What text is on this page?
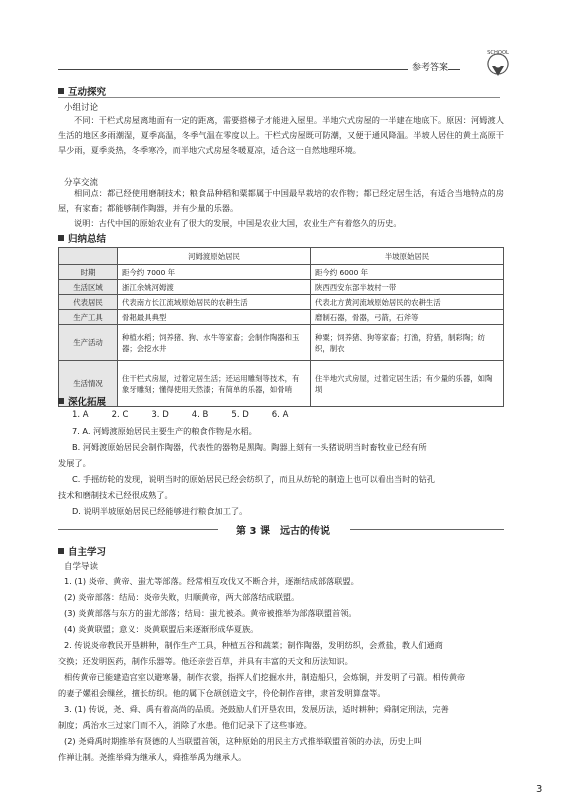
参考答案
SCHOOL
互动探究
小组讨论
不同：干栏式房屋离地面有一定的距离，需要搭梯子才能进入屋里。半地穴式房屋的一半建在地底下。原因：河姆渡人生活的地区多雨潮湿，夏季高温，冬季气温在零度以上。干栏式房屋既可防潮，又便于通风降温。半坡人居住的黄土高原干旱少雨，夏季炎热，冬季寒冷，而半地穴式房屋冬暖夏凉，适合这一自然地理环境。
分享交流
相同点：都已经使用磨制技术；粮食品种稻和粟都属于中国最早栽培的农作物；都已经定居生活，有适合当地特点的房屋，有家畜；都能够制作陶器，并有少量的乐器。
说明：古代中国的原始农业有了很大的发展，中国是农业大国，农业生产有着悠久的历史。
归纳总结
	河姆渡原始居民	半坡原始居民
时期	距今约 7000 年	距今约 6000 年
生活区域	浙江余姚河姆渡	陕西西安东部半坡村一带
代表居民	代表南方长江流域原始居民的农耕生活	代表北方黄河流域原始居民的农耕生活
生产工具	骨耜最具典型	磨制石器，骨器，弓箭，石斧等
生产活动	种植水稻；饲养猪、狗、水牛等家畜；会制作陶器和玉器；会挖水井	种粟；饲养猪、狗等家畜；打渔，狩猎，制彩陶；纺织，制衣
生活情况	住干栏式房屋，过着定居生活；还运用雕刻等技术，有象牙雕刻；懂得使用天然漆；有简单的乐器，如骨哨	住半地穴式房屋，过着定居生活；有少量的乐器，如陶埙
深化拓展
1. A	2. C	3. D	4. B	5. D	6. A
7. A. 河姆渡原始居民主要生产的粮食作物是水稻。
B. 河姆渡原始居民会制作陶器，代表性的器物是黑陶。陶器上刻有一头猪说明当时畜牧业已经有所
发展了。
C. 手摇纺轮的发现，说明当时的原始居民已经会纺织了，而且从纺轮的制造上也可以看出当时的钻孔
技术和磨制技术已经很成熟了。
D. 说明半坡原始居民已经能够进行粮食加工了。
第 3 课　远古的传说
自主学习
自学导读
1. (1) 炎帝、黄帝、蚩尤等部落。经常相互攻伐又不断合并，逐渐结成部落联盟。
(2) 炎帝部落：结局：炎帝失败，归顺黄帝，两大部落结成联盟。
(3) 炎黄部落与东方的蚩尤部落；结局：蚩尤被杀。黄帝被推举为部落联盟首领。
(4) 炎黄联盟；意义：炎黄联盟后来逐渐形成华夏族。
2. 传说炎帝教民开垦耕种，制作生产工具，种植五谷和蔬菜；制作陶器，发明纺织，会煮盐，教人们通商
交换；还发明医药，制作乐器等。他还亲尝百草，并具有丰富的天文和历法知识。
相传黄帝已能建造宫室以避寒暑，制作衣裳，指挥人们挖掘水井，制造船只，会炼铜，并发明了弓箭。相传黄帝
的妻子嫘祖会缫丝，擅长纺织。他的属下仓颉创造文字，伶伦制作音律，隶首发明算盘等。
3. (1) 传说，尧、舜、禹有着高尚的品质。尧鼓励人们开垦农田，发展历法，适时耕种；舜制定刑法，完善
制度；禹治水三过家门而不入，消除了水患。他们记录下了这些事迹。
(2) 尧舜禹时期推举有贤德的人当联盟首领，这种原始的用民主方式推举联盟首领的办法，历史上叫
作禅让制。尧推举舜为继承人，舜推举禹为继承人。
3
